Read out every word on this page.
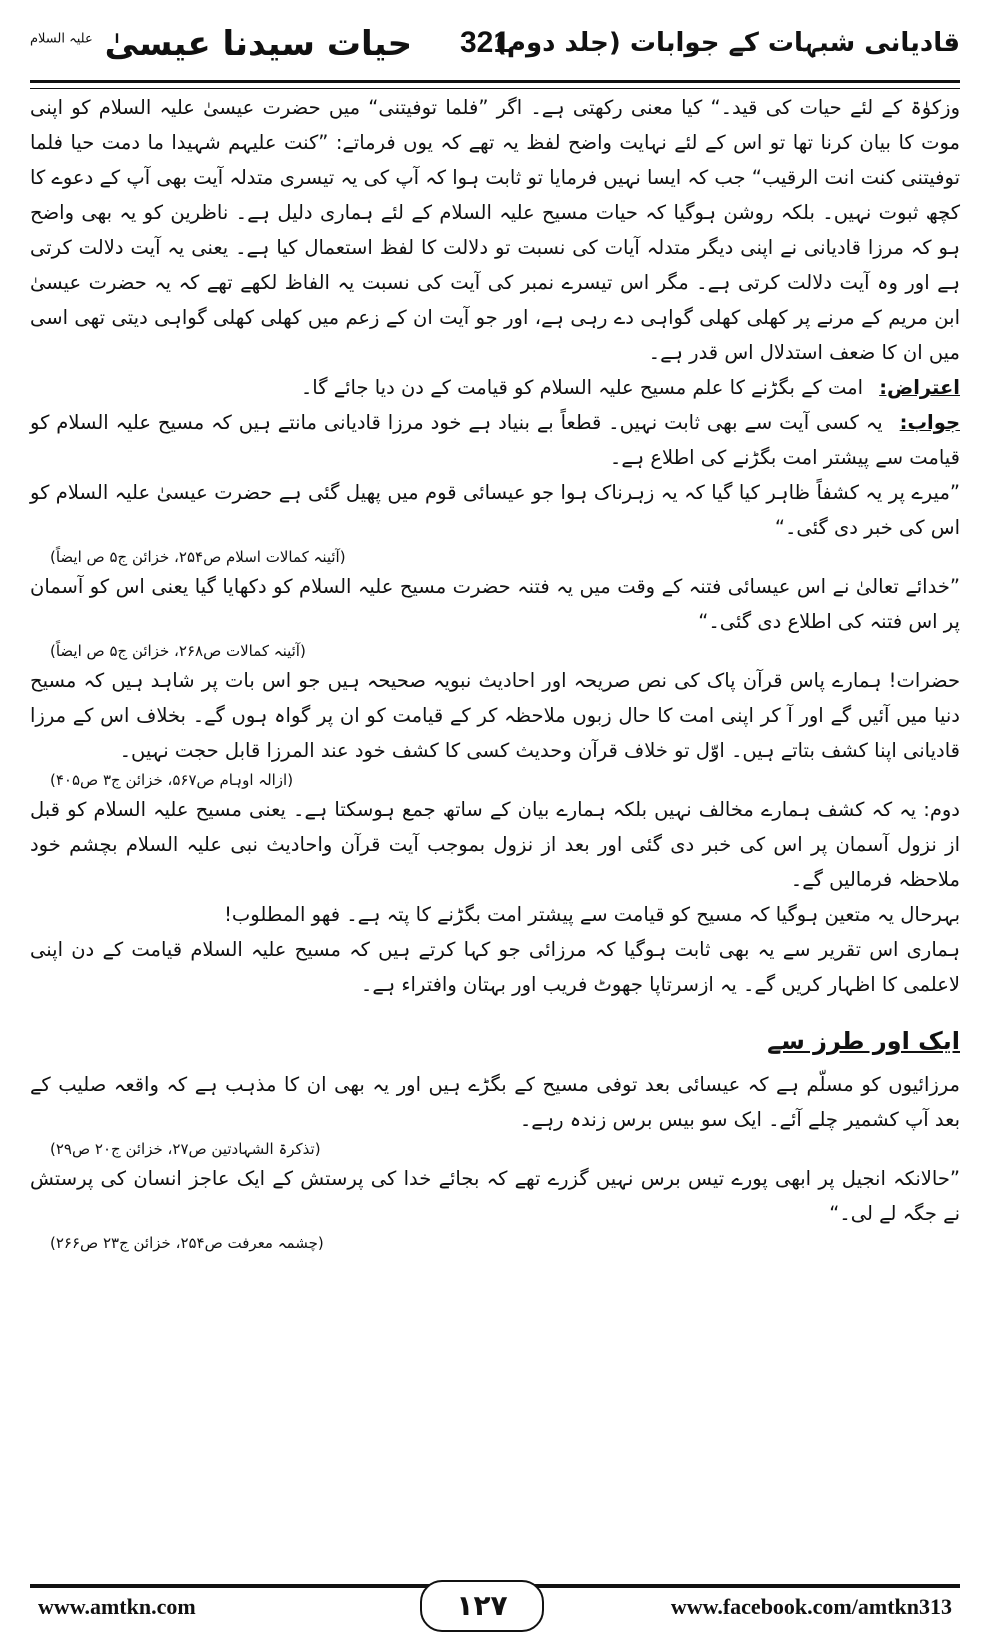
حیات سیدنا عیسیٰ $^{علیہ السلام}$	321
قادیانی شبہات کے جوابات (جلد دوم)

وزکوٰۃ کے لئے حیات کی قید۔“ کیا معنی رکھتی ہے۔ اگر ”فلما توفیتنی“ میں حضرت عیسیٰ علیہ السلام کو اپنی موت کا بیان کرنا تھا تو اس کے لئے نہایت واضح لفظ یہ تھے کہ یوں فرماتے: ”کنت علیہم شہیدا ما دمت حیا فلما توفیتنی کنت انت الرقیب“ جب کہ ایسا نہیں فرمایا تو ثابت ہوا کہ آپ کی یہ تیسری متدلہ آیت بھی آپ کے دعوے کا کچھ ثبوت نہیں۔ بلکہ روشن ہوگیا کہ حیات مسیح علیہ السلام کے لئے ہماری دلیل ہے۔ ناظرین کو یہ بھی واضح ہو کہ مرزا قادیانی نے اپنی دیگر متدلہ آیات کی نسبت تو دلالت کا لفظ استعمال کیا ہے۔ یعنی یہ آیت دلالت کرتی ہے اور وہ آیت دلالت کرتی ہے۔ مگر اس تیسرے نمبر کی آیت کی نسبت یہ الفاظ لکھے تھے کہ یہ حضرت عیسیٰ ابن مریم کے مرنے پر کھلی کھلی گواہی دے رہی ہے، اور جو آیت ان کے زعم میں کھلی کھلی گواہی دیتی تھی اسی میں ان کا ضعف استدلال اس قدر ہے۔

اعتراض: امت کے بگڑنے کا علم مسیح علیہ السلام کو قیامت کے دن دیا جائے گا۔

جواب: یہ کسی آیت سے بھی ثابت نہیں۔ قطعاً بے بنیاد ہے خود مرزا قادیانی مانتے ہیں کہ مسیح علیہ السلام کو قیامت سے پیشتر امت بگڑنے کی اطلاع ہے۔

”میرے پر یہ کشفاً ظاہر کیا گیا کہ یہ زہرناک ہوا جو عیسائی قوم میں پھیل گئی ہے حضرت عیسیٰ علیہ السلام کو اس کی خبر دی گئی۔“

(آئینہ کمالات اسلام ص۲۵۴، خزائن ج۵ ص ایضاً)

”خدائے تعالیٰ نے اس عیسائی فتنہ کے وقت میں یہ فتنہ حضرت مسیح علیہ السلام کو دکھایا گیا یعنی اس کو آسمان پر اس فتنہ کی اطلاع دی گئی۔“

(آئینہ کمالات ص۲۶۸، خزائن ج۵ ص ایضاً)

حضرات! ہمارے پاس قرآن پاک کی نص صریحہ اور احادیث نبویہ صحیحہ ہیں جو اس بات پر شاہد ہیں کہ مسیح دنیا میں آئیں گے اور آ کر اپنی امت کا حال زبوں ملاحظہ کر کے قیامت کو ان پر گواہ ہوں گے۔ بخلاف اس کے مرزا قادیانی اپنا کشف بتاتے ہیں۔ اوّل تو خلاف قرآن وحدیث کسی کا کشف خود عند المرزا قابل حجت نہیں۔

(ازالہ اوہام ص۵۶۷، خزائن ج۳ ص۴۰۵)

دوم: یہ کہ کشف ہمارے مخالف نہیں بلکہ ہمارے بیان کے ساتھ جمع ہوسکتا ہے۔ یعنی مسیح علیہ السلام کو قبل از نزول آسمان پر اس کی خبر دی گئی اور بعد از نزول بموجب آیت قرآن واحادیث نبی علیہ السلام بچشم خود ملاحظہ فرمالیں گے۔

بہرحال یہ متعین ہوگیا کہ مسیح کو قیامت سے پیشتر امت بگڑنے کا پتہ ہے۔ فھو المطلوب!

ہماری اس تقریر سے یہ بھی ثابت ہوگیا کہ مرزائی جو کہا کرتے ہیں کہ مسیح علیہ السلام قیامت کے دن اپنی لاعلمی کا اظہار کریں گے۔ یہ ازسرتاپا جھوٹ فریب اور بہتان وافتراء ہے۔

ایک اور طرز سے

مرزائیوں کو مسلّم ہے کہ عیسائی بعد توفی مسیح کے بگڑے ہیں اور یہ بھی ان کا مذہب ہے کہ واقعہ صلیب کے بعد آپ کشمیر چلے آئے۔ ایک سو بیس برس زندہ رہے۔

(تذکرۃ الشہادتین ص۲۷، خزائن ج۲۰ ص۲۹)

”حالانکہ انجیل پر ابھی پورے تیس برس نہیں گزرے تھے کہ بجائے خدا کی پرستش کے ایک عاجز انسان کی پرستش نے جگہ لے لی۔“

(چشمہ معرفت ص۲۵۴، خزائن ج۲۳ ص۲۶۶)

www.amtkn.com	۱۲۷	www.facebook.com/amtkn313
